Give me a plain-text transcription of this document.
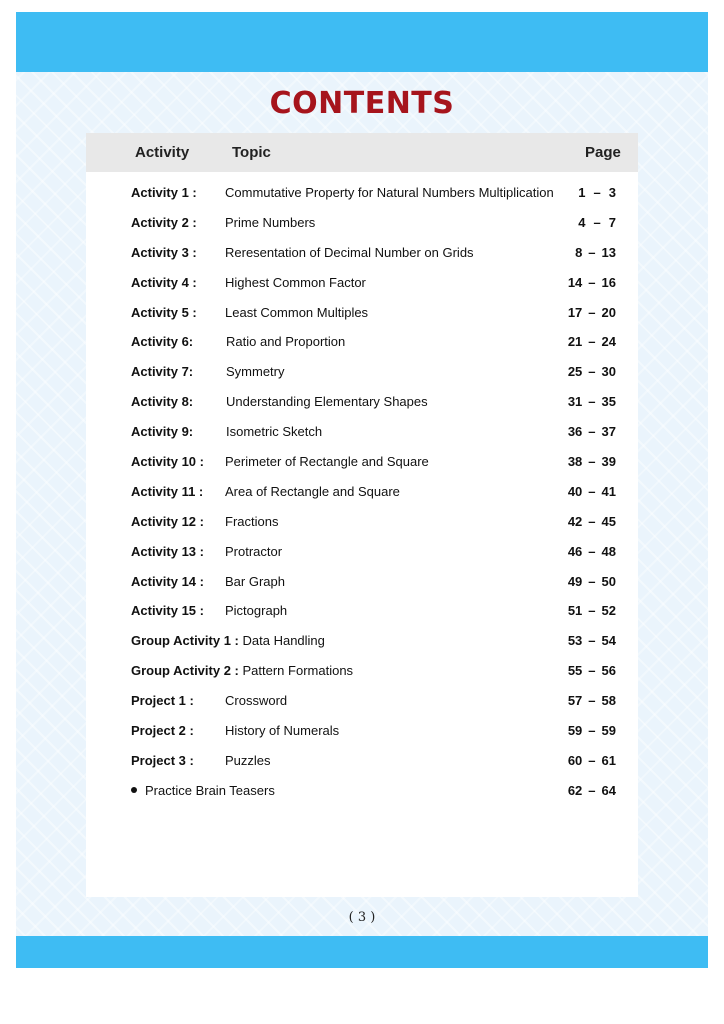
CONTENTS
Activity	Topic	Page
Activity 1 : Commutative Property for Natural Numbers Multiplication 1 – 3
Activity 2 : Prime Numbers	4 – 7
Activity 3 : Reresentation of Decimal Number on Grids	8 – 13
Activity 4 : Highest Common Factor	14 – 16
Activity 5 : Least Common Multiples	17 – 20
Activity 6:	Ratio and Proportion	21 – 24
Activity 7:	Symmetry	25 – 30
Activity 8:	Understanding Elementary Shapes	31 – 35
Activity 9:	Isometric Sketch	36 – 37
Activity 10 : Perimeter of Rectangle and Square	38 – 39
Activity 11 : Area of Rectangle and Square	40 – 41
Activity 12 : Fractions	42 – 45
Activity 13 : Protractor	46 – 48
Activity 14 : Bar Graph	49 – 50
Activity 15 : Pictograph	51 – 52
Group Activity 1 : Data Handling	53 – 54
Group Activity 2 : Pattern Formations	55 – 56
Project 1 : Crossword	57 – 58
Project 2 : History of Numerals	59 – 59
Project 3 : Puzzles	60 – 61
Practice Brain Teasers	62 – 64
( 3 )
